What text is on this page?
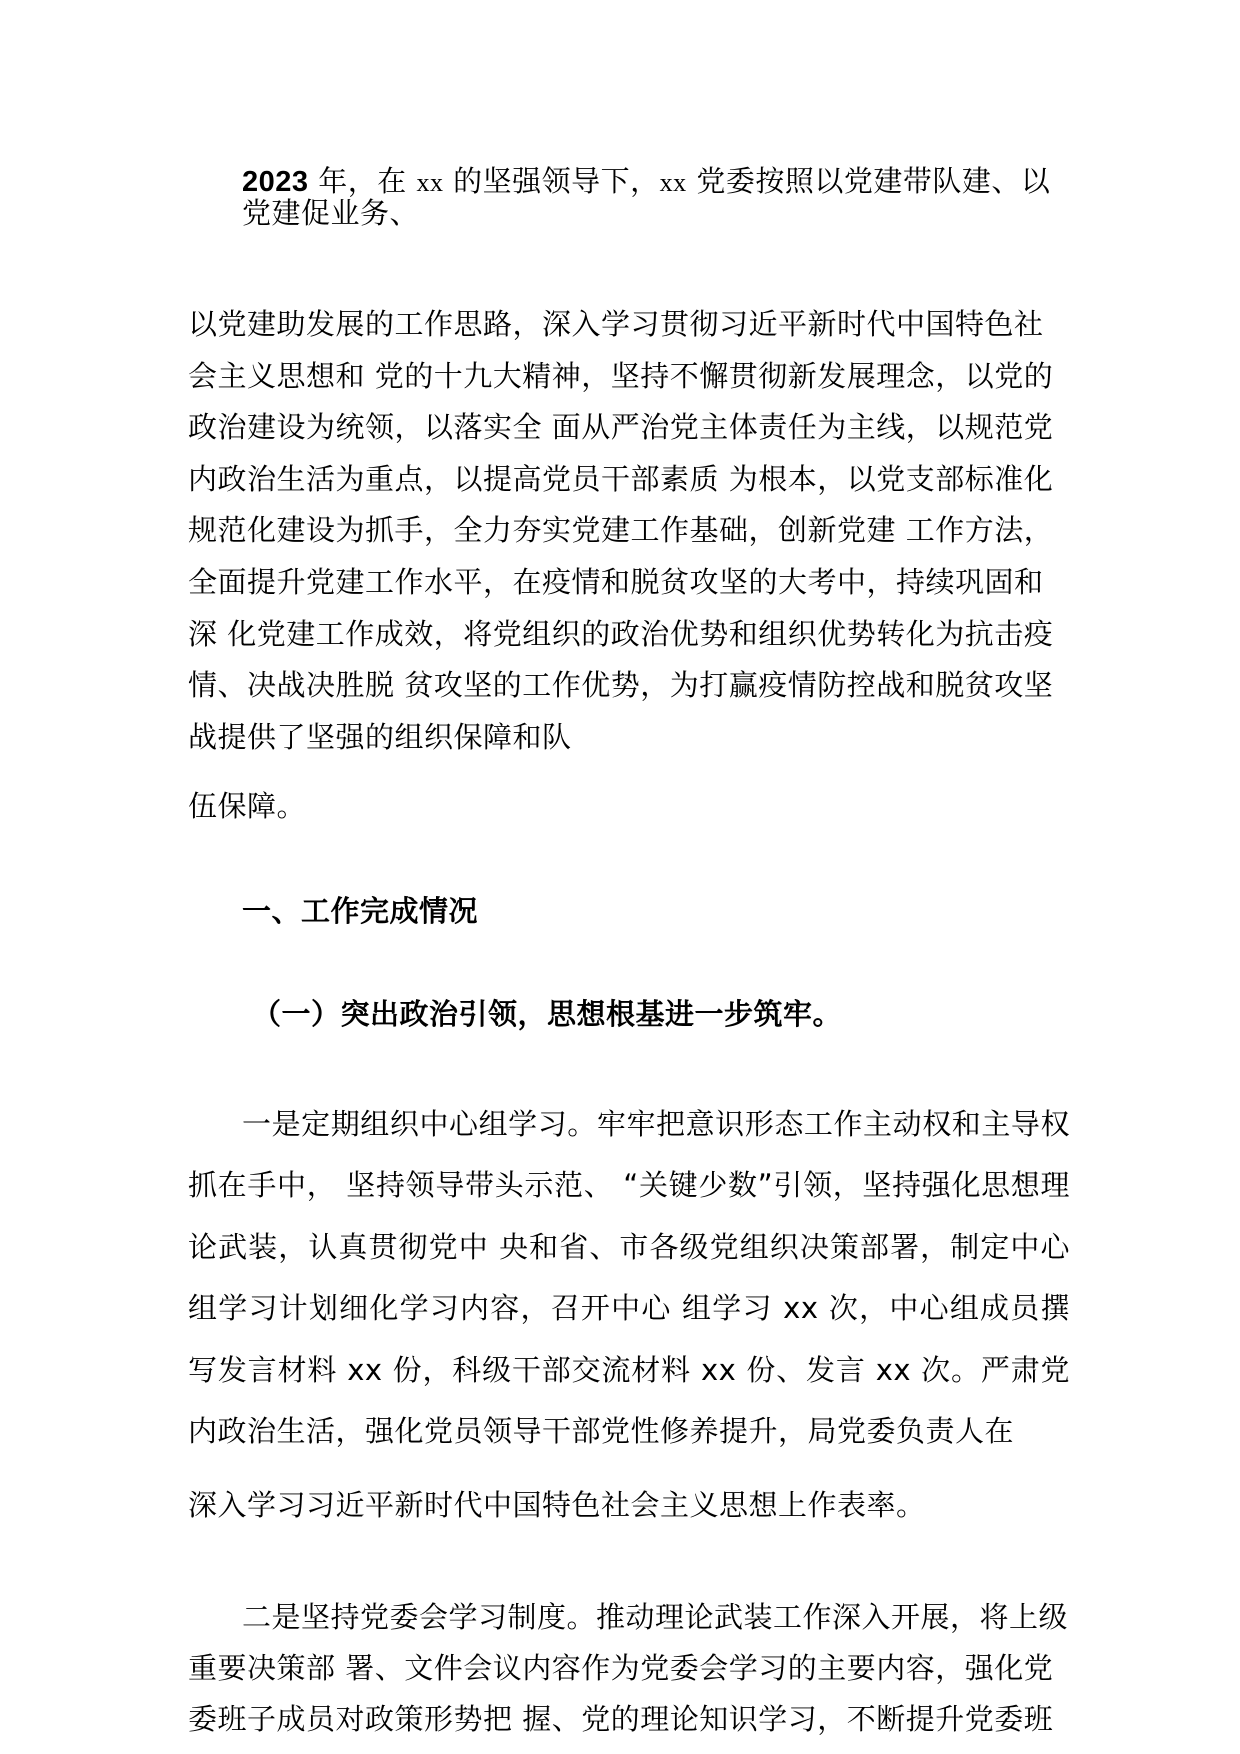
2023 年，在 xx 的坚强领导下，xx 党委按照以党建带队建、以党建促业务、

以党建助发展的工作思路，深入学习贯彻习近平新时代中国特色社会主义思想和 党的十九大精神，坚持不懈贯彻新发展理念，以党的政治建设为统领，以落实全 面从严治党主体责任为主线，以规范党内政治生活为重点，以提高党员干部素质 为根本，以党支部标准化规范化建设为抓手，全力夯实党建工作基础，创新党建 工作方法，全面提升党建工作水平，在疫情和脱贫攻坚的大考中，持续巩固和深 化党建工作成效，将党组织的政治优势和组织优势转化为抗击疫情、决战决胜脱 贫攻坚的工作优势，为打赢疫情防控战和脱贫攻坚战提供了坚强的组织保障和队

伍保障。

一、工作完成情况

（一）突出政治引领，思想根基进一步筑牢。

一是定期组织中心组学习。牢牢把意识形态工作主动权和主导权抓在手中， 坚持领导带头示范、 “关键少数”引领，坚持强化思想理论武装，认真贯彻党中 央和省、市各级党组织决策部署，制定中心组学习计划细化学习内容，召开中心 组学习 xx 次，中心组成员撰写发言材料 xx 份，科级干部交流材料 xx 份、发言 xx 次。严肃党内政治生活，强化党员领导干部党性修养提升，局党委负责人在

深入学习习近平新时代中国特色社会主义思想上作表率。

二是坚持党委会学习制度。推动理论武装工作深入开展，将上级重要决策部 署、文件会议内容作为党委会学习的主要内容，强化党委班子成员对政策形势把 握、党的理论知识学习，不断提升党委班
